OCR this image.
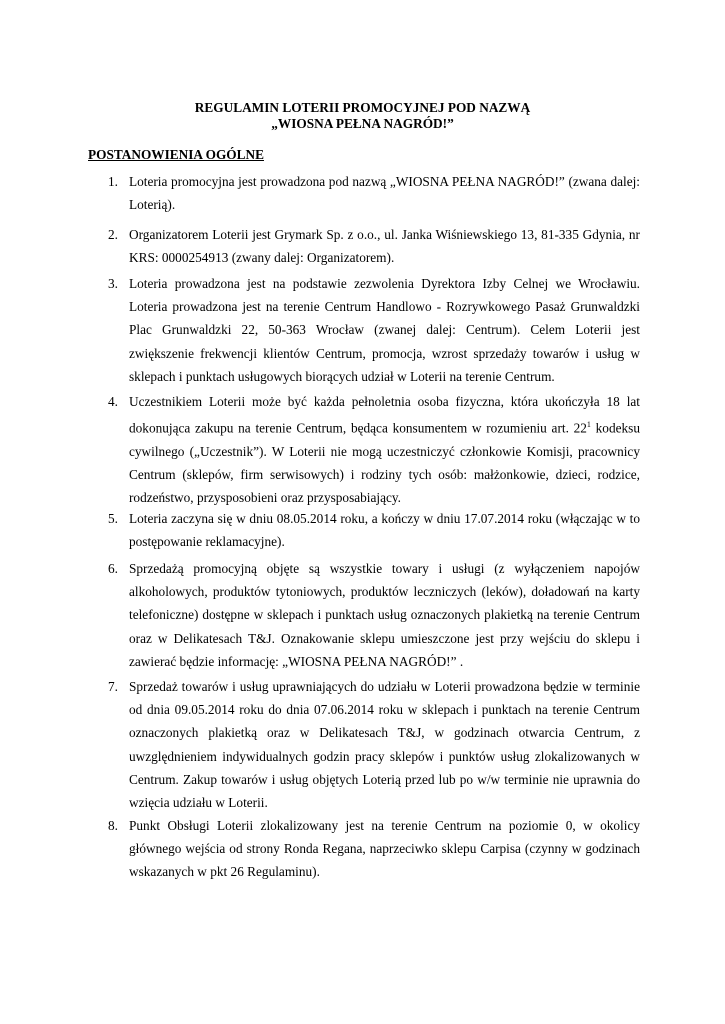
REGULAMIN LOTERII PROMOCYJNEJ POD NAZWĄ
„WIOSNA PEŁNA NAGRÓD!”
POSTANOWIENIA OGÓLNE
1. Loteria promocyjna jest prowadzona pod nazwą „WIOSNA PEŁNA NAGRÓD!” (zwana dalej: Loterią).
2. Organizatorem Loterii jest Grymark Sp. z o.o., ul. Janka Wiśniewskiego 13, 81-335 Gdynia, nr KRS: 0000254913 (zwany dalej: Organizatorem).
3. Loteria prowadzona jest na podstawie zezwolenia Dyrektora Izby Celnej we Wrocławiu. Loteria prowadzona jest na terenie Centrum Handlowo - Rozrywkowego Pasaż Grunwaldzki Plac Grunwaldzki 22, 50-363 Wrocław (zwanej dalej: Centrum). Celem Loterii jest zwiększenie frekwencji klientów Centrum, promocja, wzrost sprzedaży towarów i usług w sklepach i punktach usługowych biorących udział w Loterii na terenie Centrum.
4. Uczestnikiem Loterii może być każda pełnoletnia osoba fizyczna, która ukończyła 18 lat dokonująca zakupu na terenie Centrum, będąca konsumentem w rozumieniu art. $22^1$ kodeksu cywilnego („Uczestnik”). W Loterii nie mogą uczestniczyć członkowie Komisji, pracownicy Centrum (sklepów, firm serwisowych) i rodziny tych osób: małżonkowie, dzieci, rodzice, rodzeństwo, przysposobieni oraz przysposabiający.
5. Loteria zaczyna się w dniu 08.05.2014 roku, a kończy w dniu 17.07.2014 roku (włączając w to postępowanie reklamacyjne).
6. Sprzedażą promocyjną objęte są wszystkie towary i usługi (z wyłączeniem napojów alkoholowych, produktów tytoniowych, produktów leczniczych (leków), doładowań na karty telefoniczne) dostępne w sklepach i punktach usług oznaczonych plakietką na terenie Centrum oraz w Delikatesach T&J. Oznakowanie sklepu umieszczone jest przy wejściu do sklepu i zawierać będzie informację: „WIOSNA PEŁNA NAGRÓD!” .
7. Sprzedaż towarów i usług uprawniających do udziału w Loterii prowadzona będzie w terminie od dnia 09.05.2014 roku do dnia 07.06.2014 roku w sklepach i punktach na terenie Centrum oznaczonych plakietką oraz w Delikatesach T&J, w godzinach otwarcia Centrum, z uwzględnieniem indywidualnych godzin pracy sklepów i punktów usług zlokalizowanych w Centrum. Zakup towarów i usług objętych Loterią przed lub po w/w terminie nie uprawnia do wzięcia udziału w Loterii.
8. Punkt Obsługi Loterii zlokalizowany jest na terenie Centrum na poziomie 0, w okolicy głównego wejścia od strony Ronda Regana, naprzeciwko sklepu Carpisa (czynny w godzinach wskazanych w pkt 26 Regulaminu).
